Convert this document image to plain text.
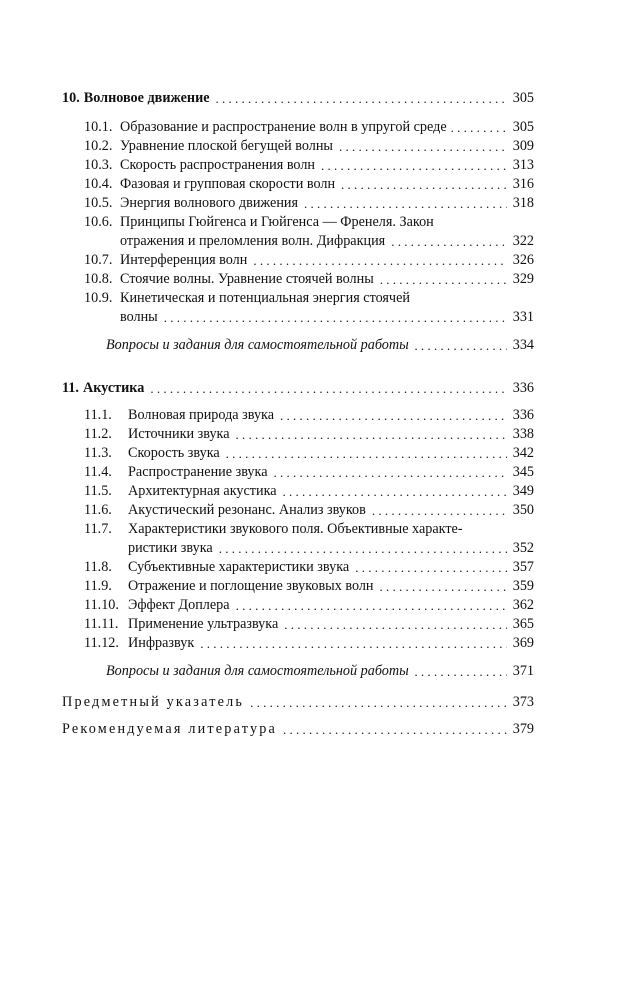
10. Волновое движение . . .	305
10.1. Образование и распространение волн в упругой среде . . .	305
10.2. Уравнение плоской бегущей волны . . .	309
10.3. Скорость распространения волн . . .	313
10.4. Фазовая и групповая скорости волн . . .	316
10.5. Энергия волнового движения . . .	318
10.6. Принципы Гюйгенса и Гюйгенса — Френеля. Закон
отражения и преломления волн. Дифракция . . .	322
10.7. Интерференция волн . . .	326
10.8. Стоячие волны. Уравнение стоячей волны . . .	329
10.9. Кинетическая и потенциальная энергия стоячей
волны . . .	331
Вопросы и задания для самостоятельной работы . . .	334
11. Акустика . . .	336
11.1.	Волновая природа звука . . .	336
11.2.	Источники звука . . .	338
11.3.	Скорость звука . . .	342
11.4.	Распространение звука . . .	345
11.5.	Архитектурная акустика . . .	349
11.6.	Акустический резонанс. Анализ звуков . . .	350
11.7.	Характеристики звукового поля. Объективные характе-
ристики звука . . .	352
11.8.	Субъективные характеристики звука . . .	357
11.9.	Отражение и поглощение звуковых волн . . .	359
11.10. Эффект Доплера . . .	362
11.11. Применение ультразвука . . .	365
11.12. Инфразвук . . .	369
Вопросы и задания для самостоятельной работы . . .	371
Предметный указатель . . .	373
Рекомендуемая литература . . .	379
